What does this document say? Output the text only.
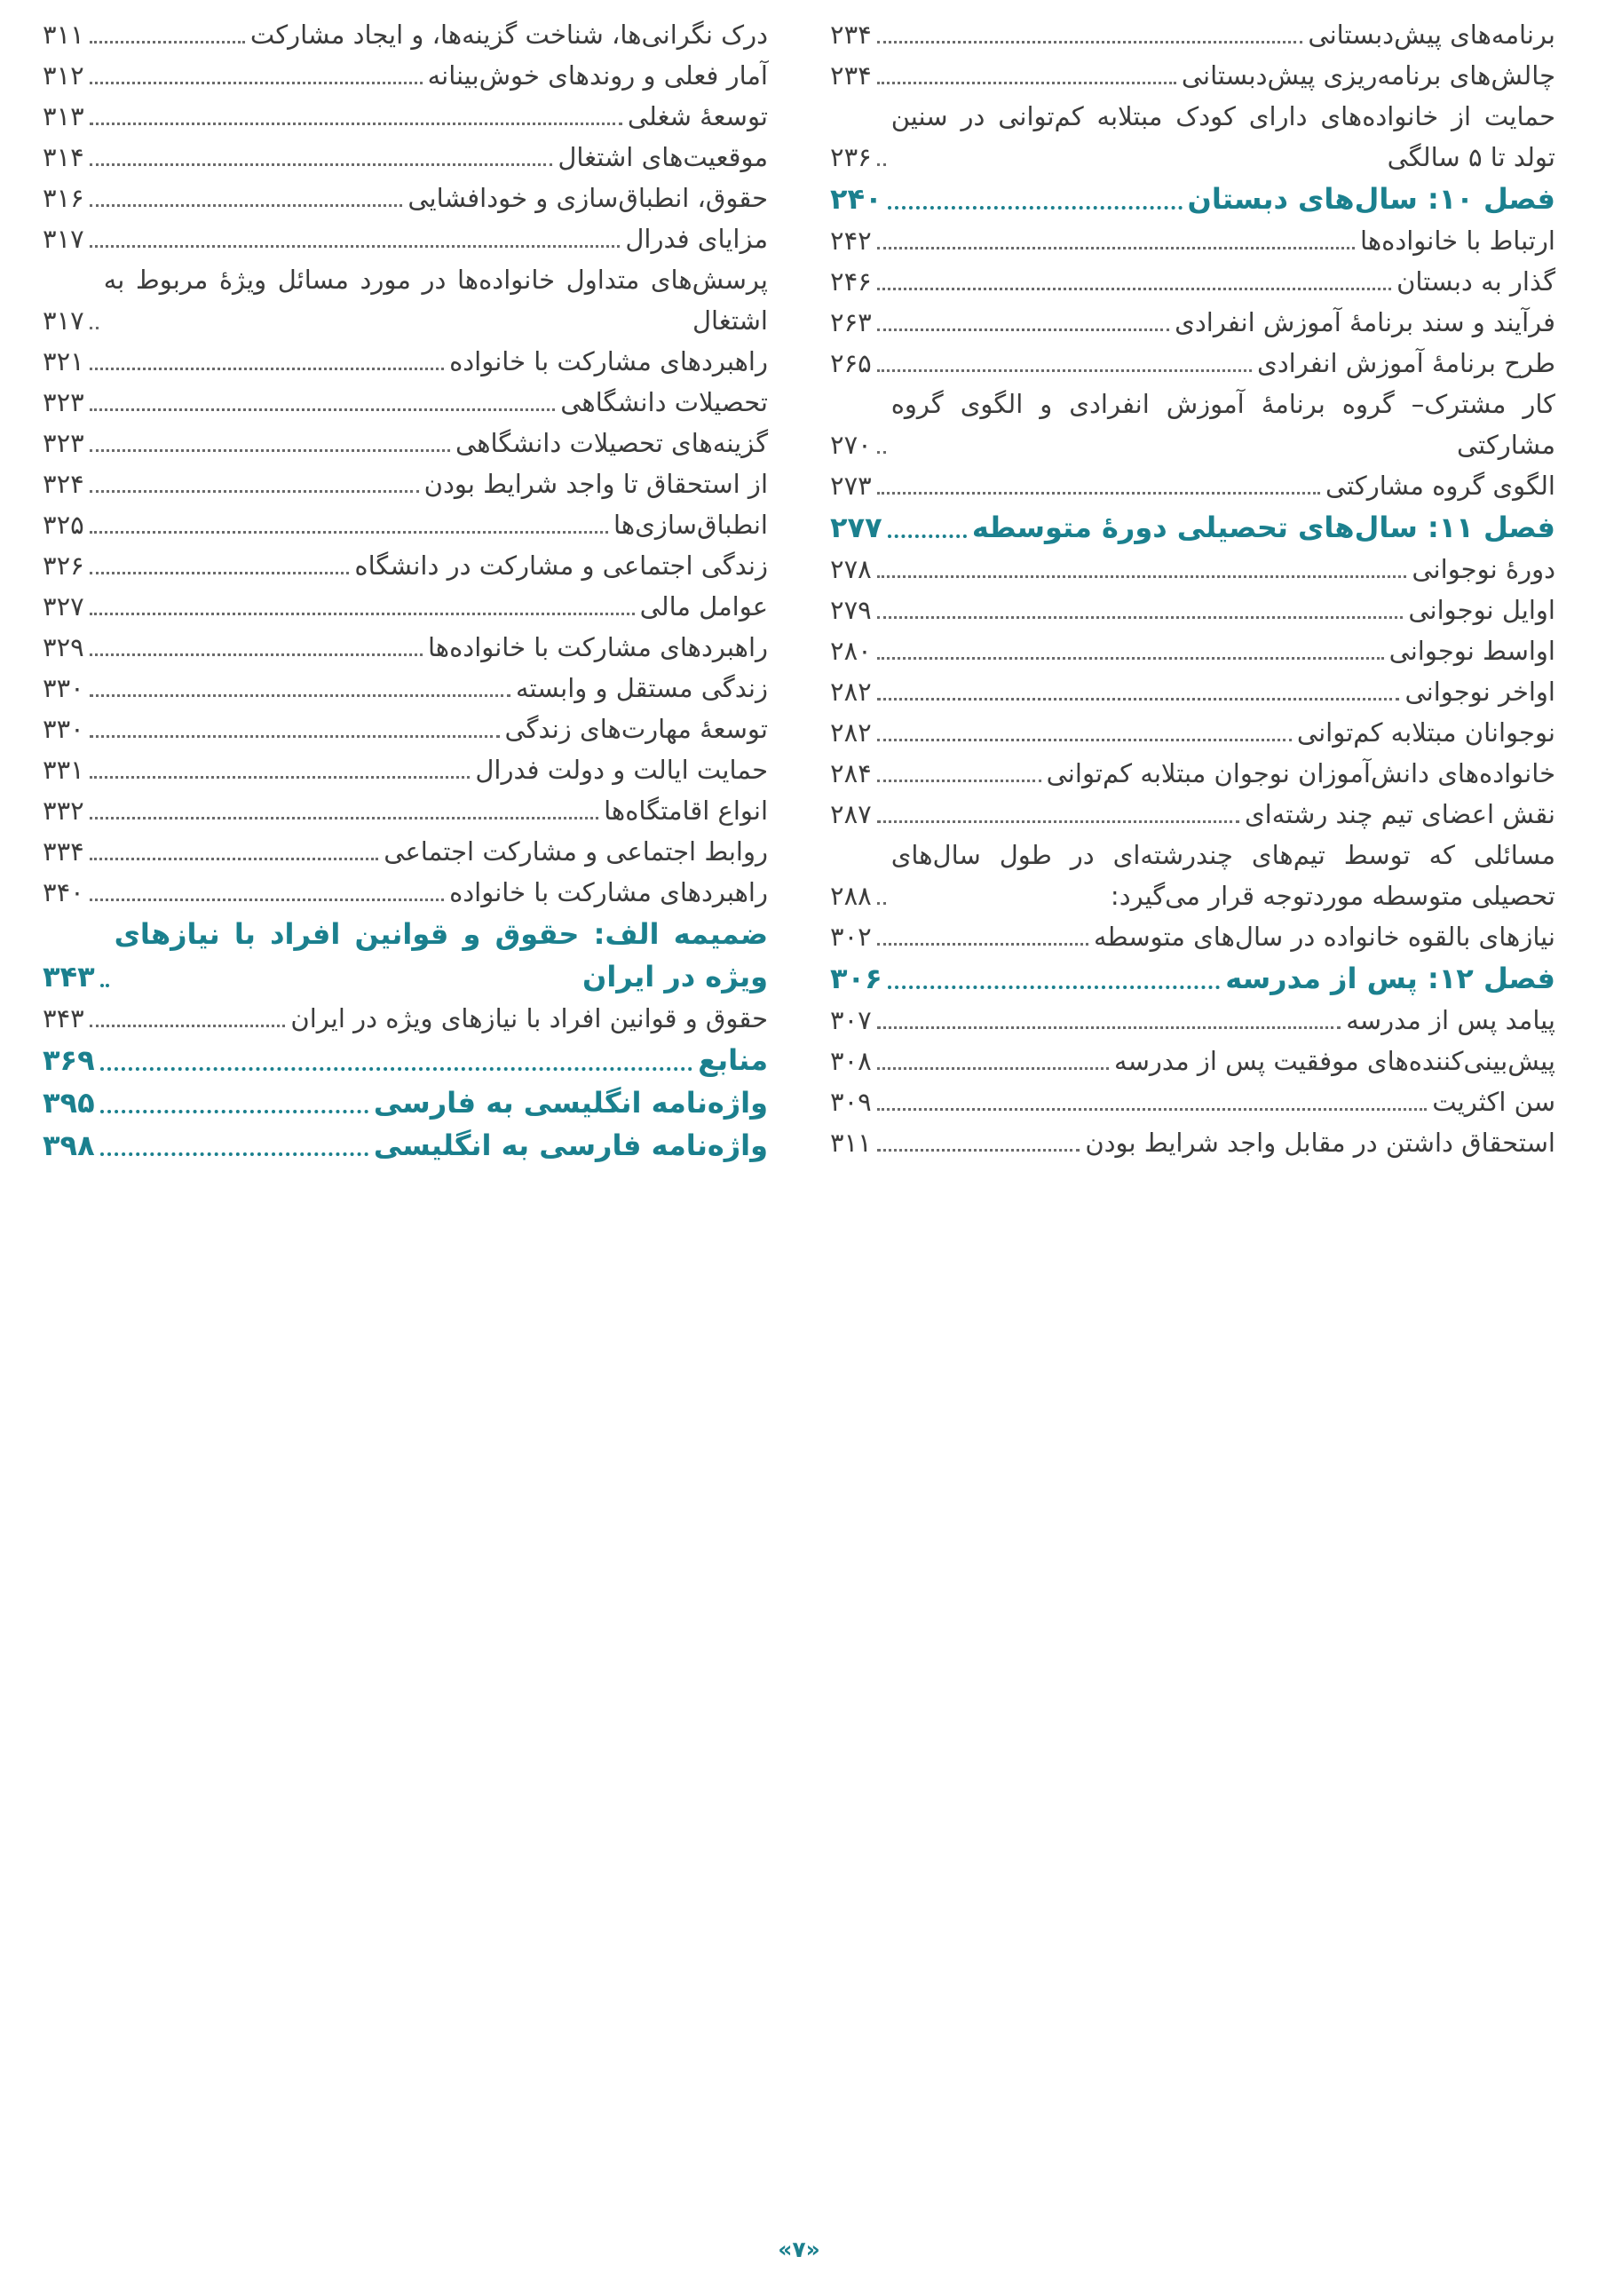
برنامه‌های پیش‌دبستانی
۲۳۴
چالش‌های برنامه‌ریزی پیش‌دبستانی
۲۳۴
حمایت از خانواده‌های دارای کودک مبتلابه کم‌توانی در سنین تولد تا ۵ سالگی
۲۳۶
فصل ۱۰: سال‌های دبستان
۲۴۰
ارتباط با خانواده‌ها
۲۴۲
گذار به دبستان
۲۴۶
فرآیند و سند برنامهٔ آموزش انفرادی
۲۶۳
طرح برنامهٔ آموزش انفرادی
۲۶۵
کار مشترک– گروه برنامهٔ آموزش انفرادی و الگوی گروه مشارکتی
۲۷۰
الگوی گروه مشارکتی
۲۷۳
فصل ۱۱: سال‌های تحصیلی دورهٔ متوسطه
۲۷۷
دورهٔ نوجوانی
۲۷۸
اوایل نوجوانی
۲۷۹
اواسط نوجوانی
۲۸۰
اواخر نوجوانی
۲۸۲
نوجوانان مبتلابه کم‌توانی
۲۸۲
خانواده‌های دانش‌آموزان نوجوان مبتلابه کم‌توانی
۲۸۴
نقش اعضای تیم چند رشته‌ای
۲۸۷
مسائلی که توسط تیم‌های چندرشته‌ای در طول سال‌های تحصیلی متوسطه موردتوجه قرار می‌گیرد:
۲۸۸
نیازهای بالقوه خانواده در سال‌های متوسطه
۳۰۲
فصل ۱۲: پس از مدرسه
۳۰۶
پیامد پس از مدرسه
۳۰۷
پیش‌بینی‌کننده‌های موفقیت پس از مدرسه
۳۰۸
سن اکثریت
۳۰۹
استحقاق داشتن در مقابل واجد شرایط بودن
۳۱۱
درک نگرانی‌ها، شناخت گزینه‌ها، و ایجاد مشارکت
۳۱۱
آمار فعلی و روندهای خوش‌بینانه
۳۱۲
توسعهٔ شغلی
۳۱۳
موقعیت‌های اشتغال
۳۱۴
حقوق، انطباق‌سازی و خودافشایی
۳۱۶
مزایای فدرال
۳۱۷
پرسش‌های متداول خانواده‌ها در مورد مسائل ویژهٔ مربوط به اشتغال
۳۱۷
راهبردهای مشارکت با خانواده
۳۲۱
تحصیلات دانشگاهی
۳۲۳
گزینه‌های تحصیلات دانشگاهی
۳۲۳
از استحقاق تا واجد شرایط بودن
۳۲۴
انطباق‌سازی‌ها
۳۲۵
زندگی اجتماعی و مشارکت در دانشگاه
۳۲۶
عوامل مالی
۳۲۷
راهبردهای مشارکت با خانواده‌ها
۳۲۹
زندگی مستقل و وابسته
۳۳۰
توسعهٔ مهارت‌های زندگی
۳۳۰
حمایت ایالت و دولت فدرال
۳۳۱
انواع اقامتگاه‌ها
۳۳۲
روابط اجتماعی و مشارکت اجتماعی
۳۳۴
راهبردهای مشارکت با خانواده
۳۴۰
ضمیمه الف: حقوق و قوانین افراد با نیازهای ویژه در ایران
۳۴۳
حقوق و قوانین افراد با نیازهای ویژه در ایران
۳۴۳
منابع
۳۶۹
واژه‌نامه انگلیسی به فارسی
۳۹۵
واژه‌نامه فارسی به انگلیسی
۳۹۸
«۷»
